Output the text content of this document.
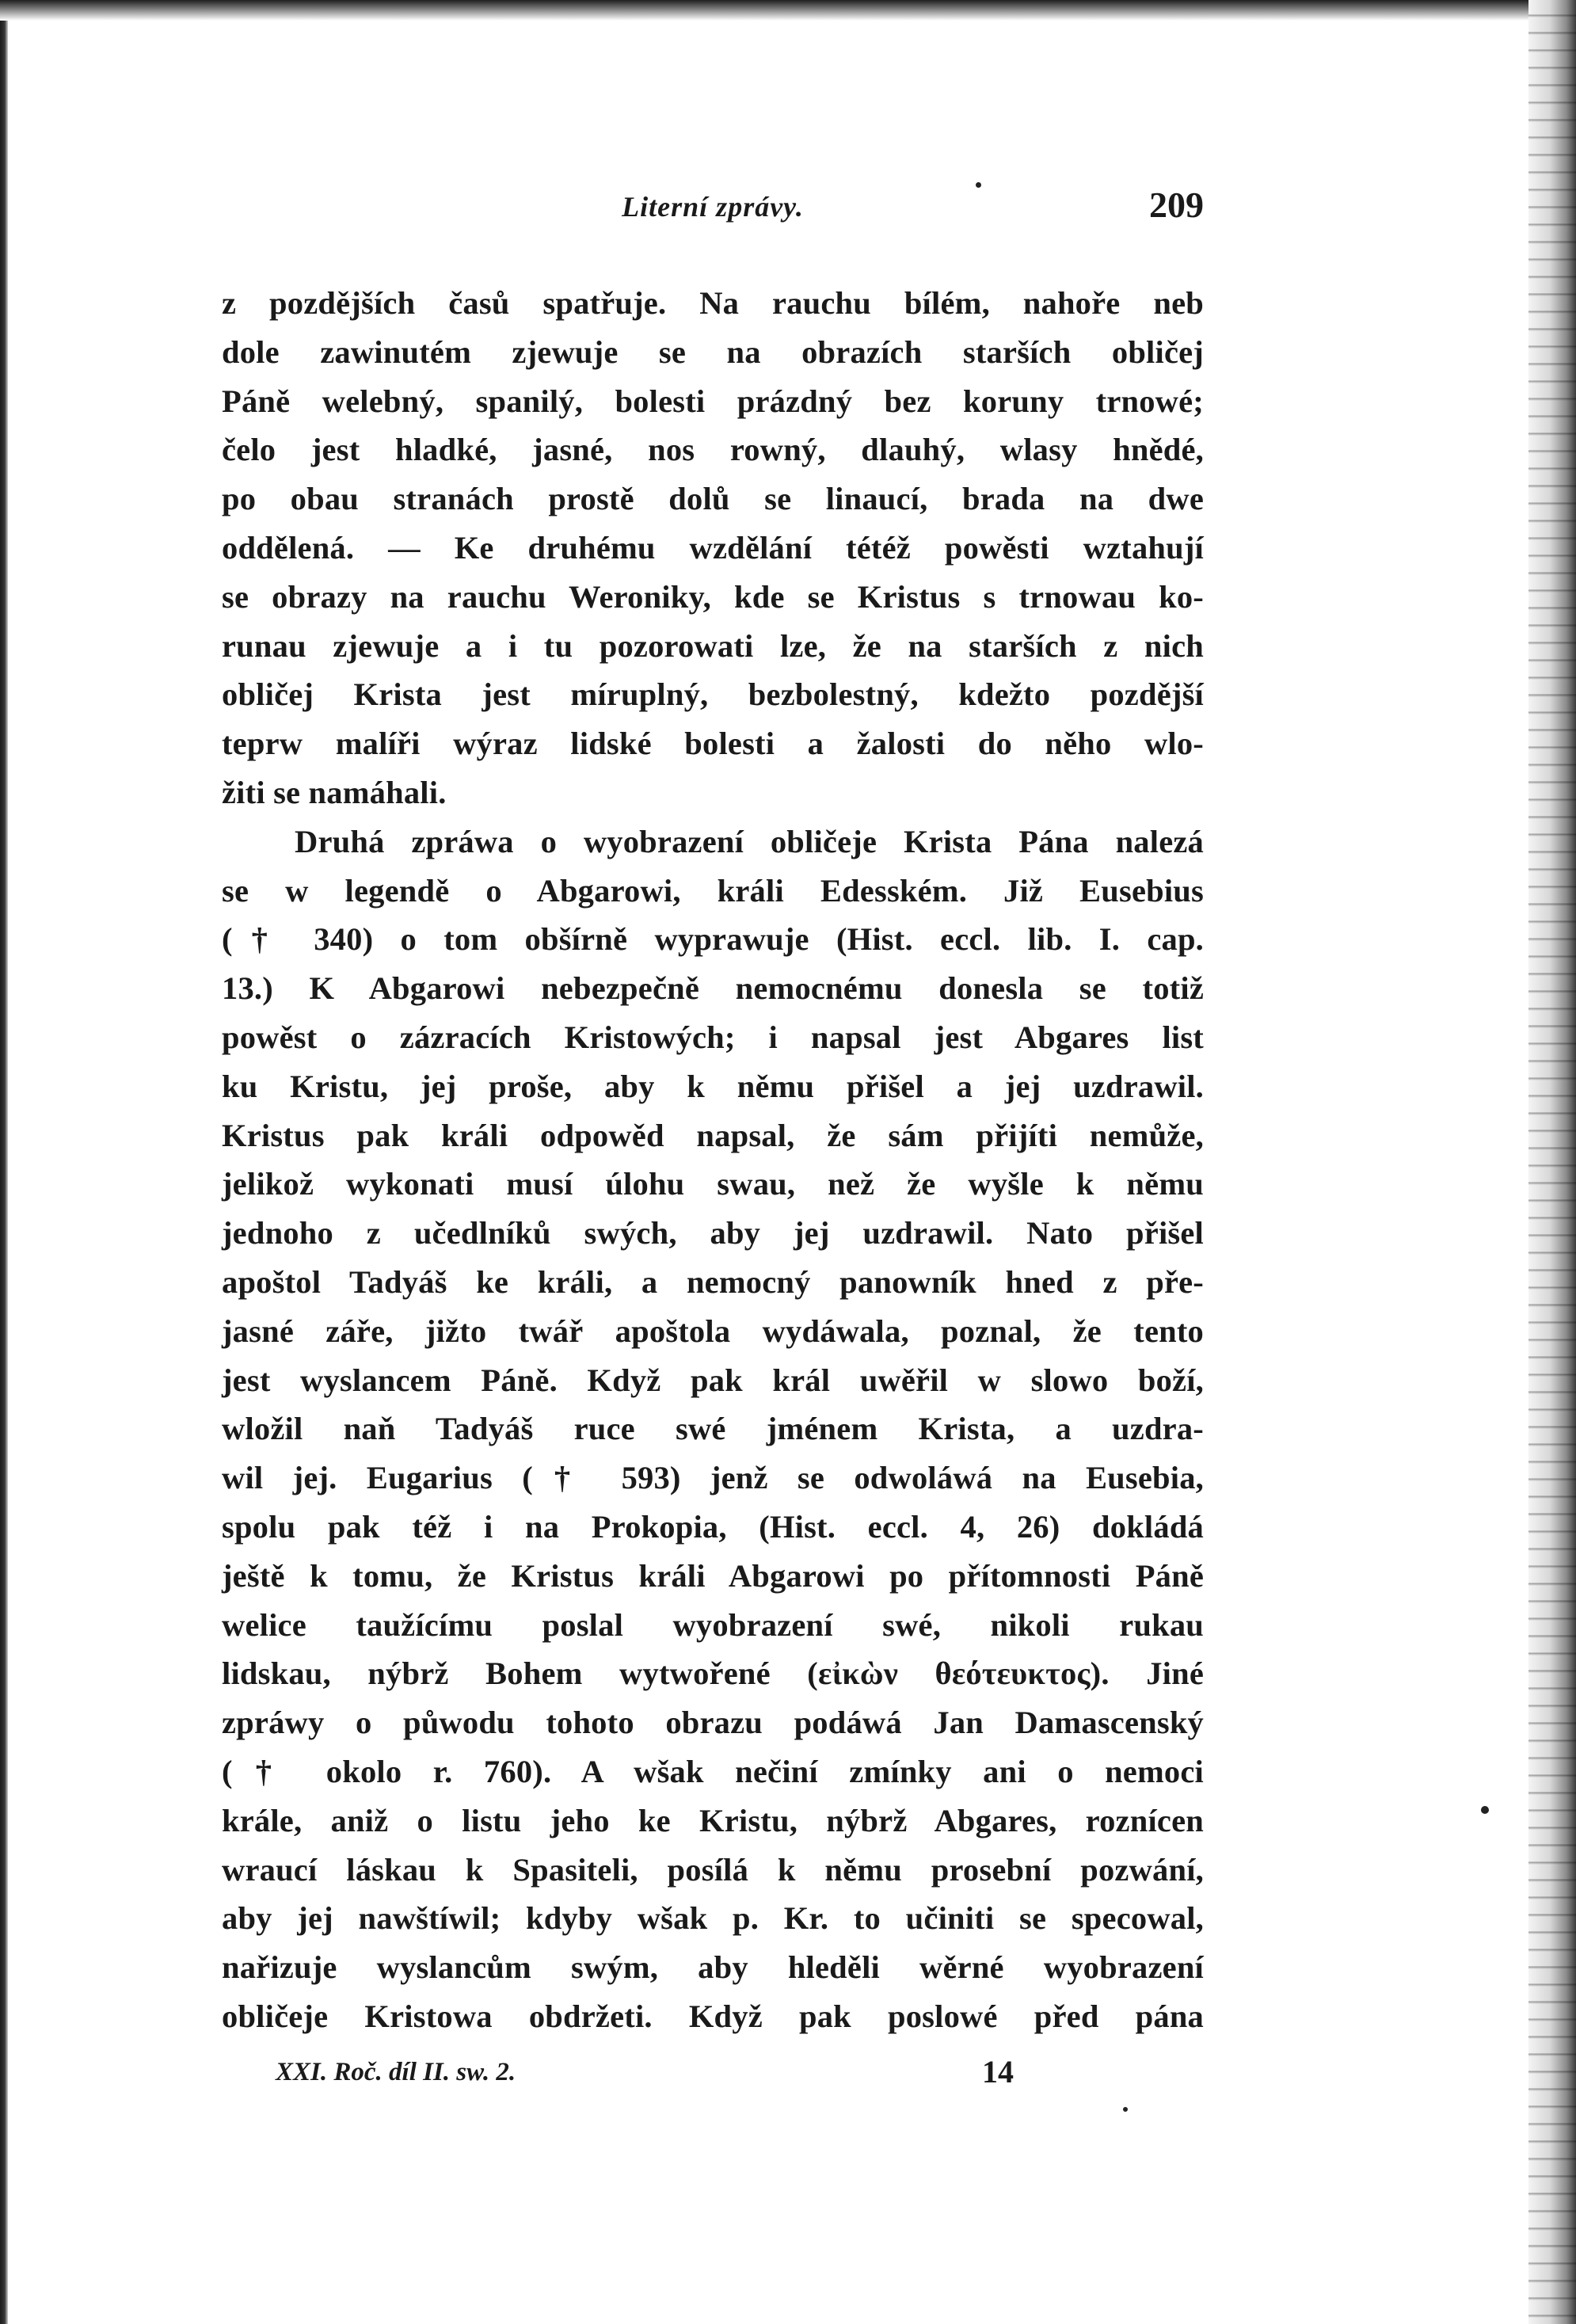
Literní zprávy.	209
z pozdějších časů spatřuje. Na rauchu bílém, nahoře neb
dole zawinutém zjewuje se na obrazích starších obličej
Páně welebný, spanilý, bolesti prázdný bez koruny trnowé;
čelo jest hladké, jasné, nos rowný, dlauhý, wlasy hnědé,
po obau stranách prostě dolů se linaucí, brada na dwe
oddělená. — Ke druhému wzdělání tétéž powěsti wztahují
se obrazy na rauchu Weroniky, kde se Kristus s trnowau ko-
runau zjewuje a i tu pozorowati lze, že na starších z nich
obličej Krista jest míruplný, bezbolestný, kdežto pozdější
teprw malíři wýraz lidské bolesti a žalosti do něho wlo-
žiti se namáhali.
Druhá zpráwa o wyobrazení obličeje Krista Pána nalezá
se w legendě o Abgarowi, králi Edesském. Již Eusebius
(† 340) o tom obšírně wyprawuje (Hist. eccl. lib. I. cap.
13.) K Abgarowi nebezpečně nemocnému donesla se totiž
powěst o zázracích Kristowých; i napsal jest Abgares list
ku Kristu, jej proše, aby k němu přišel a jej uzdrawil.
Kristus pak králi odpowěd napsal, že sám přijíti nemůže,
jelikož wykonati musí úlohu swau, než že wyšle k němu
jednoho z učedlníků swých, aby jej uzdrawil. Nato přišel
apoštol Tadyáš ke králi, a nemocný panowník hned z pře-
jasné záře, jižto twář apoštola wydáwala, poznal, že tento
jest wyslancem Páně. Když pak král uwěřil w slowo boží,
wložil naň Tadyáš ruce swé jménem Krista, a uzdra-
wil jej. Eugarius († 593) jenž se odwoláwá na Eusebia,
spolu pak též i na Prokopia, (Hist. eccl. 4, 26) dokládá
ještě k tomu, že Kristus králi Abgarowi po přítomnosti Páně
welice taužícímu poslal wyobrazení swé, nikoli rukau
lidskau, nýbrž Bohem wytwořené (εἰκὼν θεότευκτος). Jiné
zpráwy o půwodu tohoto obrazu podáwá Jan Damascenský
(† okolo r. 760). A wšak nečiní zmínky ani o nemoci
krále, aniž o listu jeho ke Kristu, nýbrž Abgares, roznícen
wraucí láskau k Spasiteli, posílá k němu prosební pozwání,
aby jej nawštíwil; kdyby wšak p. Kr. to učiniti se specowal,
nařizuje wyslancům swým, aby hleděli wěrné wyobrazení
obličeje Kristowa obdržeti. Když pak poslowé před pána
XXI. Roč. díl II. sw. 2.	14
